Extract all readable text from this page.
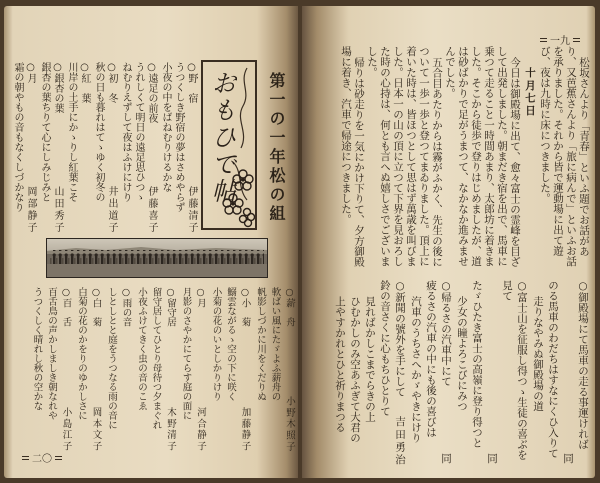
おもひで帖 第一の一年松の組
○野　宿
伊藤清子
うつくしき野宿の夢はさめやらず
小夜の中をばねむりけるかな
○遠足の前夜
伊藤喜子
うれしくて明日の遠足思ひつゝ
ねむりえずして夜はふけにけり
○初　冬
井出道子
秋の日も暮れはてゝゆく初冬の
○紅　葉
川岸の土手にかゝりし紅葉こそ
○銀杏の葉
山田秀子
銀杏の葉ちりて心にしみじみと
○月
岡部静子
霜の朝やもの音もなくしづかなり
○薪　舟
小野木照子
軟ばい風にたゞよふ薪舟の
帆影しづかに川をくだりぬ
○小　菊
加藤静子
鰯雲ながるゝ空の下に咲く
小菊の花のいとしかりけり
○月
河合静子
月影のさやかにてらす庭の面に
○留守居
木野清子
留守居してひとり母待つ夕まぐれ
小夜ふけてきく虫の音のこゑ
○雨の音
しとしとと庭をうつなる雨の音に
○白　菊
岡本文子
白菊の花のかをりのゆかしさに
○百　舌
小島江子
百舌鳥の声かしましき朝なれや
うつくしく晴れし秋の空かな
二〇
一九

松坂さんより「青春」といふ題でお話があり、又芭蕉さんより「旅に病んで」といふお話を承りました。それから皆で運動場に出て遊び、夜は九時に床につきました。

十月七日

今日は御殿場に出て、愈々富士の霊峰を目ざして出発しました。朝まだき宿を出で、馬車に乗つて走ること一時間あまり、太郎坊に着きました。そこから徒歩で登りはじめましたが、道は砂ばかりで足がうまつて、なかなか進みませんでした。

五合目あたりからは霧がふかく、先生の後について一歩一歩と登つてまゐりました。頂上に着いた時は、皆ほつとして思はず萬歳を叫びました。日本一の山の頂に立つて下界を見おろした時の心持は、何とも言へぬ嬉しさでございました。

帰りは砂走りを一気にかけ下りて、夕方御殿場に着き、汽車で帰途につきました。

○御殿場にて馬車の走る事運ければ
同
のる馬車のわだちはすなにくひ入りて
走りなやみぬ御殿場の道
○富士山を征服し得つゝ生徒の喜ぶを見て
同
たゞひたき富士の高嶺に登り得つと
少女の瞳よろこびにみつ
○帰るさの汽車中にて
同
疲るさの汽車の中にも後の喜びは
汽車のうちさへかゞやきにけり
○新聞の號外を手にして
吉田勇治
鈴の音さくに心もちひとりて
見ればかしこまでらきの上
ひむかしのみ空あふぎて大君の
上やすかれとひと祈りまつる
